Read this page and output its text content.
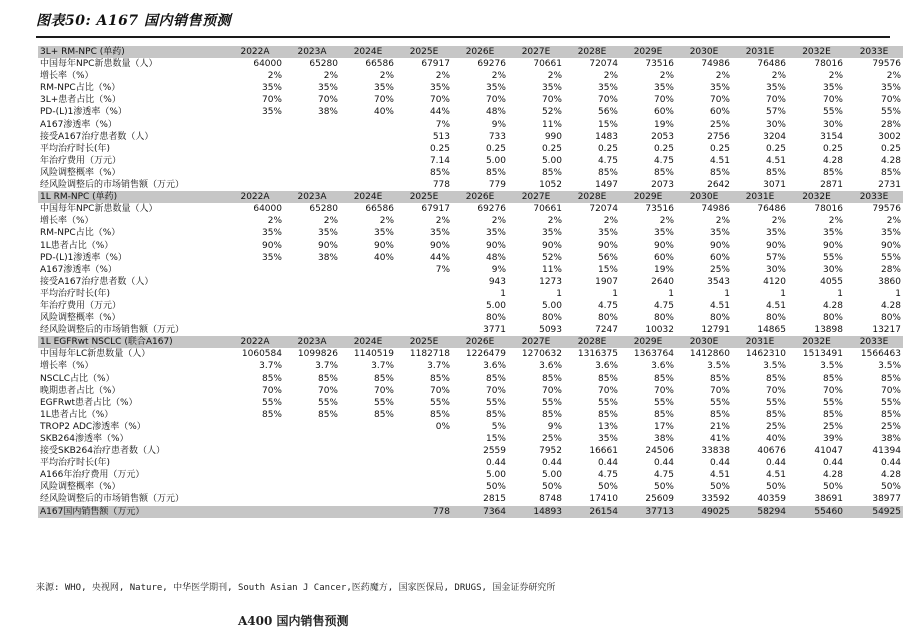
图表50: A167 国内销售预测
3L+ RM-NPC (单药)	2022A	2023A	2024E	2025E	2026E	2027E	2028E	2029E	2030E	2031E	2032E	2033E
中国每年NPC新患数量（人）	64000	65280	66586	67917	69276	70661	72074	73516	74986	76486	78016	79576
增长率（%）	2%	2%	2%	2%	2%	2%	2%	2%	2%	2%	2%	2%
RM-NPC占比（%）	35%	35%	35%	35%	35%	35%	35%	35%	35%	35%	35%	35%
3L+患者占比（%）	70%	70%	70%	70%	70%	70%	70%	70%	70%	70%	70%	70%
PD-(L)1渗透率（%）	35%	38%	40%	44%	48%	52%	56%	60%	60%	57%	55%	55%
A167渗透率（%）				7%	9%	11%	15%	19%	25%	30%	30%	28%
接受A167治疗患者数（人）				513	733	990	1483	2053	2756	3204	3154	3002
平均治疗时长(年)				0.25	0.25	0.25	0.25	0.25	0.25	0.25	0.25	0.25
年治疗费用（万元）				7.14	5.00	5.00	4.75	4.75	4.51	4.51	4.28	4.28
风险调整概率（%）				85%	85%	85%	85%	85%	85%	85%	85%	85%
经风险调整后的市场销售额（万元）				778	779	1052	1497	2073	2642	3071	2871	2731
1L RM-NPC (单药)	2022A	2023A	2024E	2025E	2026E	2027E	2028E	2029E	2030E	2031E	2032E	2033E
中国每年NPC新患数量（人）	64000	65280	66586	67917	69276	70661	72074	73516	74986	76486	78016	79576
增长率（%）	2%	2%	2%	2%	2%	2%	2%	2%	2%	2%	2%	2%
RM-NPC占比（%）	35%	35%	35%	35%	35%	35%	35%	35%	35%	35%	35%	35%
1L患者占比（%）	90%	90%	90%	90%	90%	90%	90%	90%	90%	90%	90%	90%
PD-(L)1渗透率（%）	35%	38%	40%	44%	48%	52%	56%	60%	60%	57%	55%	55%
A167渗透率（%）				7%	9%	11%	15%	19%	25%	30%	30%	28%
接受A167治疗患者数（人）					943	1273	1907	2640	3543	4120	4055	3860
平均治疗时长(年)					1	1	1	1	1	1	1	1
年治疗费用（万元）					5.00	5.00	4.75	4.75	4.51	4.51	4.28	4.28
风险调整概率（%）					80%	80%	80%	80%	80%	80%	80%	80%
经风险调整后的市场销售额（万元）					3771	5093	7247	10032	12791	14865	13898	13217
1L EGFRwt NSCLC (联合A167)	2022A	2023A	2024E	2025E	2026E	2027E	2028E	2029E	2030E	2031E	2032E	2033E
中国每年LC新患数量（人）	1060584	1099826	1140519	1182718	1226479	1270632	1316375	1363764	1412860	1462310	1513491	1566463
增长率（%）	3.7%	3.7%	3.7%	3.7%	3.6%	3.6%	3.6%	3.6%	3.5%	3.5%	3.5%	3.5%
NSCLC占比（%）	85%	85%	85%	85%	85%	85%	85%	85%	85%	85%	85%	85%
晚期患者占比（%）	70%	70%	70%	70%	70%	70%	70%	70%	70%	70%	70%	70%
EGFRwt患者占比（%）	55%	55%	55%	55%	55%	55%	55%	55%	55%	55%	55%	55%
1L患者占比（%）	85%	85%	85%	85%	85%	85%	85%	85%	85%	85%	85%	85%
TROP2 ADC渗透率（%）				0%	5%	9%	13%	17%	21%	25%	25%	25%
SKB264渗透率（%）					15%	25%	35%	38%	41%	40%	39%	38%
接受SKB264治疗患者数（人）					2559	7952	16661	24506	33838	40676	41047	41394
平均治疗时长(年)					0.44	0.44	0.44	0.44	0.44	0.44	0.44	0.44
A166年治疗费用（万元）					5.00	5.00	4.75	4.75	4.51	4.51	4.28	4.28
风险调整概率（%）					50%	50%	50%	50%	50%	50%	50%	50%
经风险调整后的市场销售额（万元）					2815	8748	17410	25609	33592	40359	38691	38977
A167国内销售额（万元）				778	7364	14893	26154	37713	49025	58294	55460	54925
来源: WHO, 央视网, Nature, 中华医学期刊, South Asian J Cancer,医药魔方, 国家医保局, DRUGS, 国金证券研究所
A400 国内销售预测
